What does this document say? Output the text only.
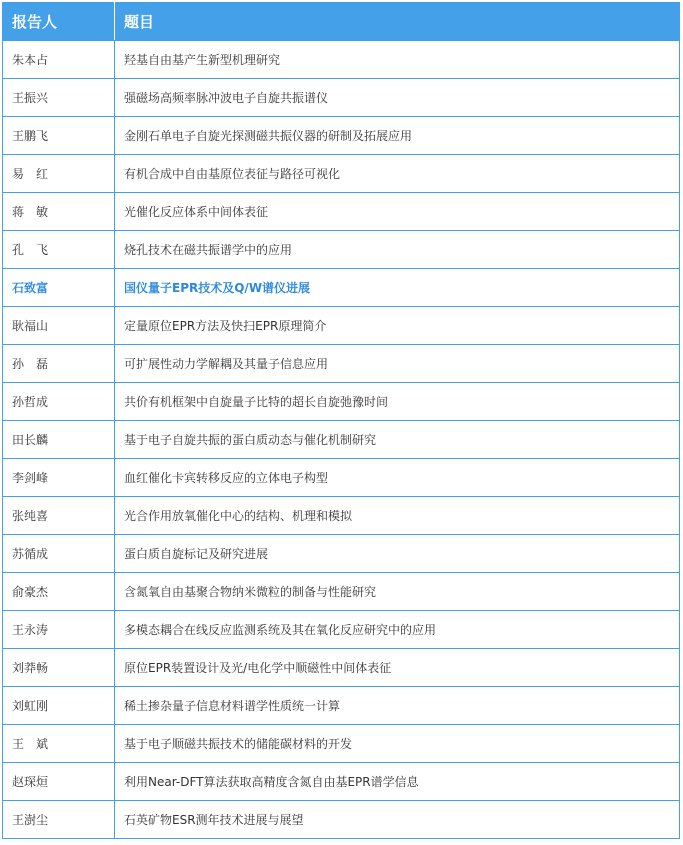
报告人	题目
朱本占	羟基自由基产生新型机理研究
王振兴	强磁场高频率脉冲波电子自旋共振谱仪
王鹏飞	金刚石单电子自旋光探测磁共振仪器的研制及拓展应用
易　红	有机合成中自由基原位表征与路径可视化
蒋　敏	光催化反应体系中间体表征
孔　飞	烧孔技术在磁共振谱学中的应用
石致富	国仪量子EPR技术及Q/W谱仪进展
耿福山	定量原位EPR方法及快扫EPR原理简介
孙　磊	可扩展性动力学解耦及其量子信息应用
孙哲成	共价有机框架中自旋量子比特的超长自旋弛豫时间
田长麟	基于电子自旋共振的蛋白质动态与催化机制研究
李剑峰	血红催化卡宾转移反应的立体电子构型
张纯喜	光合作用放氧催化中心的结构、机理和模拟
苏循成	蛋白质自旋标记及研究进展
俞豪杰	含氮氧自由基聚合物纳米微粒的制备与性能研究
王永涛	多模态耦合在线反应监测系统及其在氧化反应研究中的应用
刘莽畅	原位EPR装置设计及光/电化学中顺磁性中间体表征
刘虹刚	稀土掺杂量子信息材料谱学性质统一计算
王　斌	基于电子顺磁共振技术的储能碳材料的开发
赵琛烜	利用Near-DFT算法获取高精度含氮自由基EPR谱学信息
王澍尘	石英矿物ESR测年技术进展与展望
